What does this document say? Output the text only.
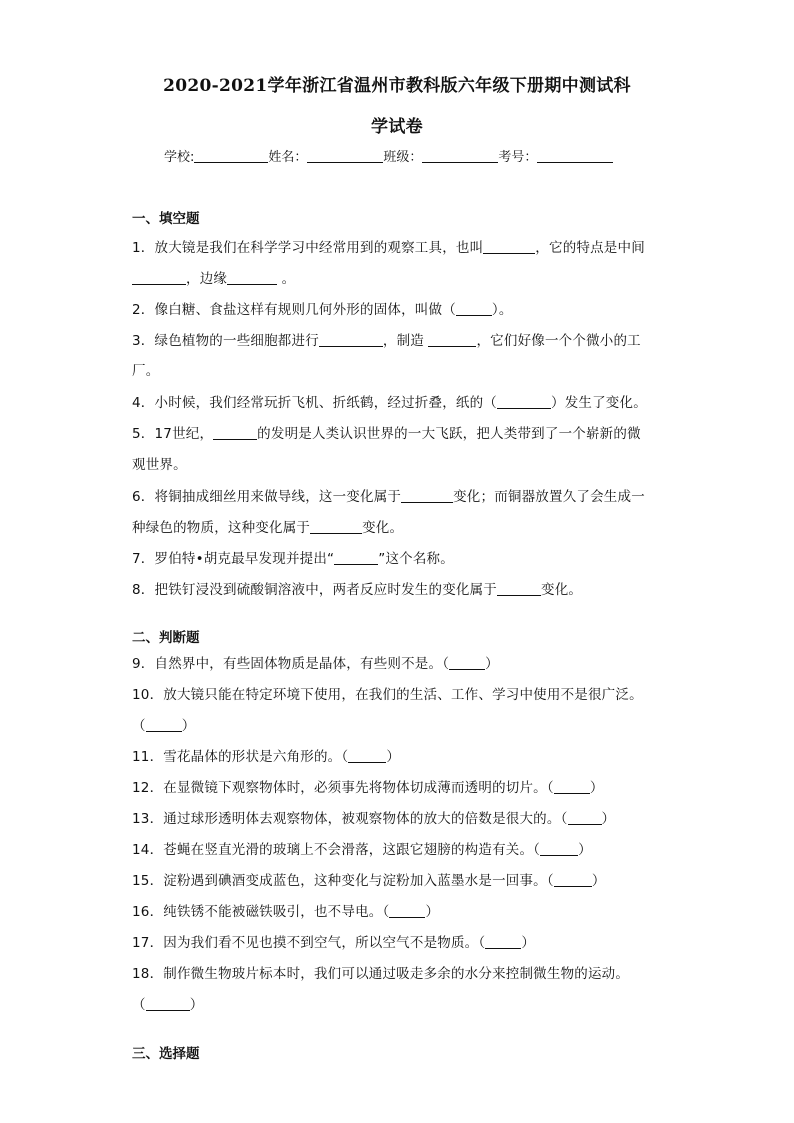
2020-2021学年浙江省温州市教科版六年级下册期中测试科
学试卷
学校:	姓名：	班级：	考号：
一、填空题
1．放大镜是我们在科学学习中经常用到的观察工具，也叫	，它的特点是中间
，边缘	。
2．像白糖、食盐这样有规则几何外形的固体，叫做（	）。
3．绿色植物的一些细胞都进行	，制造	，它们好像一个个微小的工
厂。
4．小时候，我们经常玩折飞机、折纸鹤，经过折叠，纸的（	）发生了变化。
5．17世纪，	的发明是人类认识世界的一大飞跃，把人类带到了一个崭新的微
观世界。
6．将铜抽成细丝用来做导线，这一变化属于	变化；而铜器放置久了会生成一
种绿色的物质，这种变化属于	变化。
7．罗伯特•胡克最早发现并提出“	”这个名称。
8．把铁钉浸没到硫酸铜溶液中，两者反应时发生的变化属于	变化。
二、判断题
9．自然界中，有些固体物质是晶体，有些则不是。（	）
10．放大镜只能在特定环境下使用，在我们的生活、工作、学习中使用不是很广泛。
（	）
11．雪花晶体的形状是六角形的。（	）
12．在显微镜下观察物体时，必须事先将物体切成薄而透明的切片。（	）
13．通过球形透明体去观察物体，被观察物体的放大的倍数是很大的。（	）
14．苍蝇在竖直光滑的玻璃上不会滑落，这跟它翅膀的构造有关。（	）
15．淀粉遇到碘酒变成蓝色，这种变化与淀粉加入蓝墨水是一回事。（	）
16．纯铁锈不能被磁铁吸引，也不导电。（	）
17．因为我们看不见也摸不到空气，所以空气不是物质。（	）
18．制作微生物玻片标本时，我们可以通过吸走多余的水分来控制微生物的运动。
（	）
三、选择题
